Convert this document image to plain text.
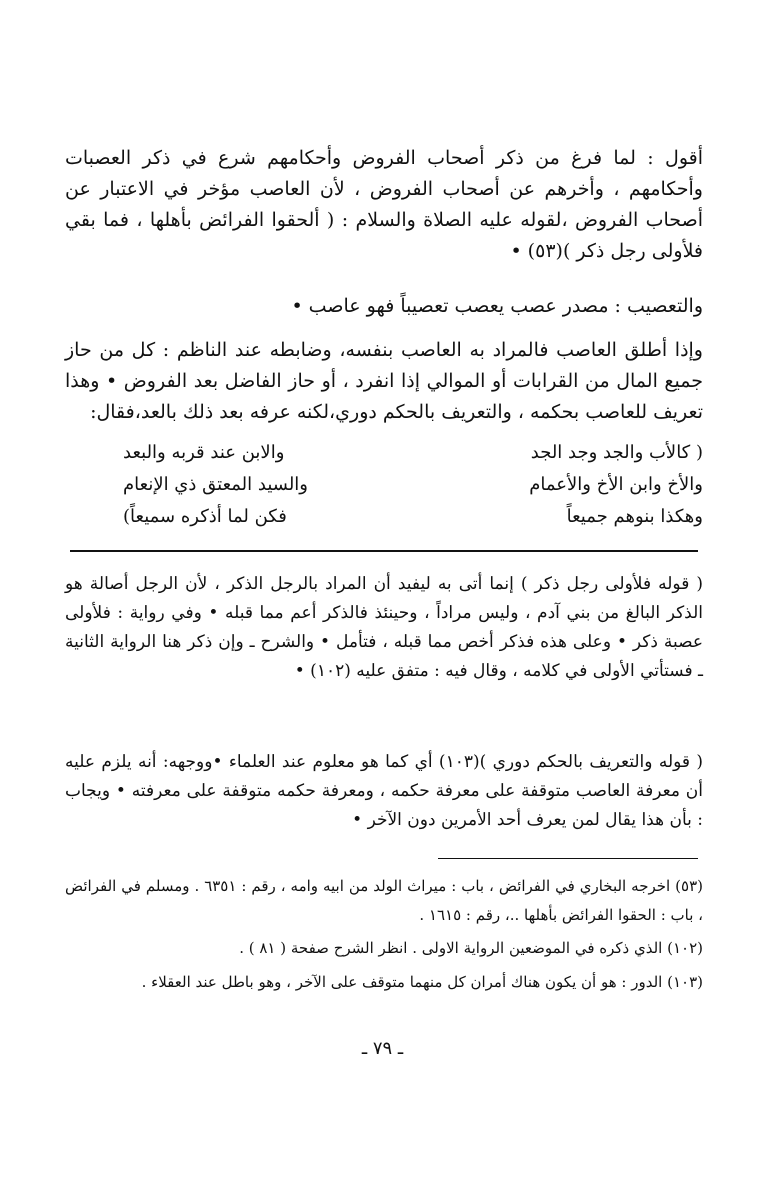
أقول : لما فرغ من ذكر أصحاب الفروض وأحكامهم شرع في ذكر العصبات وأحكامهم ، وأخرهم عن أصحاب الفروض ، لأن العاصب مؤخر في الاعتبار عن أصحاب الفروض ،لقوله عليه الصلاة والسلام : ( ألحقوا الفرائض بأهلها ، فما بقي فلأولى رجل ذكر )(٥٣) •
والتعصيب : مصدر عصب يعصب تعصيباً فهو عاصب •
وإذا أطلق العاصب فالمراد به العاصب بنفسه، وضابطه عند الناظم : كل من حاز جميع المال من القرابات أو الموالي إذا انفرد ، أو حاز الفاضل بعد الفروض • وهذا تعريف للعاصب بحكمه ، والتعريف بالحكم دوري،لكنه عرفه بعد ذلك بالعد،فقال:
( كالأب والجد وجد الجد
والابن عند قربه والبعد
والأخ وابن الأخ والأعمام
والسيد المعتق ذي الإنعام
وهكذا بنوهم جميعاً
فكن لما أذكره سميعاً)
( قوله فلأولى رجل ذكر ) إنما أتى به ليفيد أن المراد بالرجل الذكر ، لأن الرجل أصالة هو الذكر البالغ من بني آدم ، وليس مراداً ، وحينئذ فالذكر أعم مما قبله • وفي رواية : فلأولى عصبة ذكر • وعلى هذه فذكر أخص مما قبله ، فتأمل • والشرح ـ وإن ذكر هنا الرواية الثانية ـ فستأتي الأولى في كلامه ، وقال فيه : متفق عليه (١٠٢) •
( قوله والتعريف بالحكم دوري )(١٠٣) أي كما هو معلوم عند العلماء •ووجهه: أنه يلزم عليه أن معرفة العاصب متوقفة على معرفة حكمه ، ومعرفة حكمه متوقفة على معرفته • ويجاب : بأن هذا يقال لمن يعرف أحد الأمرين دون الآخر •
(٥٣) اخرجه البخاري في الفرائض ، باب : ميراث الولد من ابيه وامه ، رقم : ٦٣٥١ . ومسلم في الفرائض ، باب : الحقوا الفرائض بأهلها ..، رقم : ١٦١٥ .
(١٠٢) الذي ذكره في الموضعين الرواية الاولى . انظر الشرح صفحة ( ٨١ ) .
(١٠٣) الدور : هو أن يكون هناك أمران كل منهما متوقف على الآخر ، وهو باطل عند العقلاء .
ـ ٧٩ ـ
